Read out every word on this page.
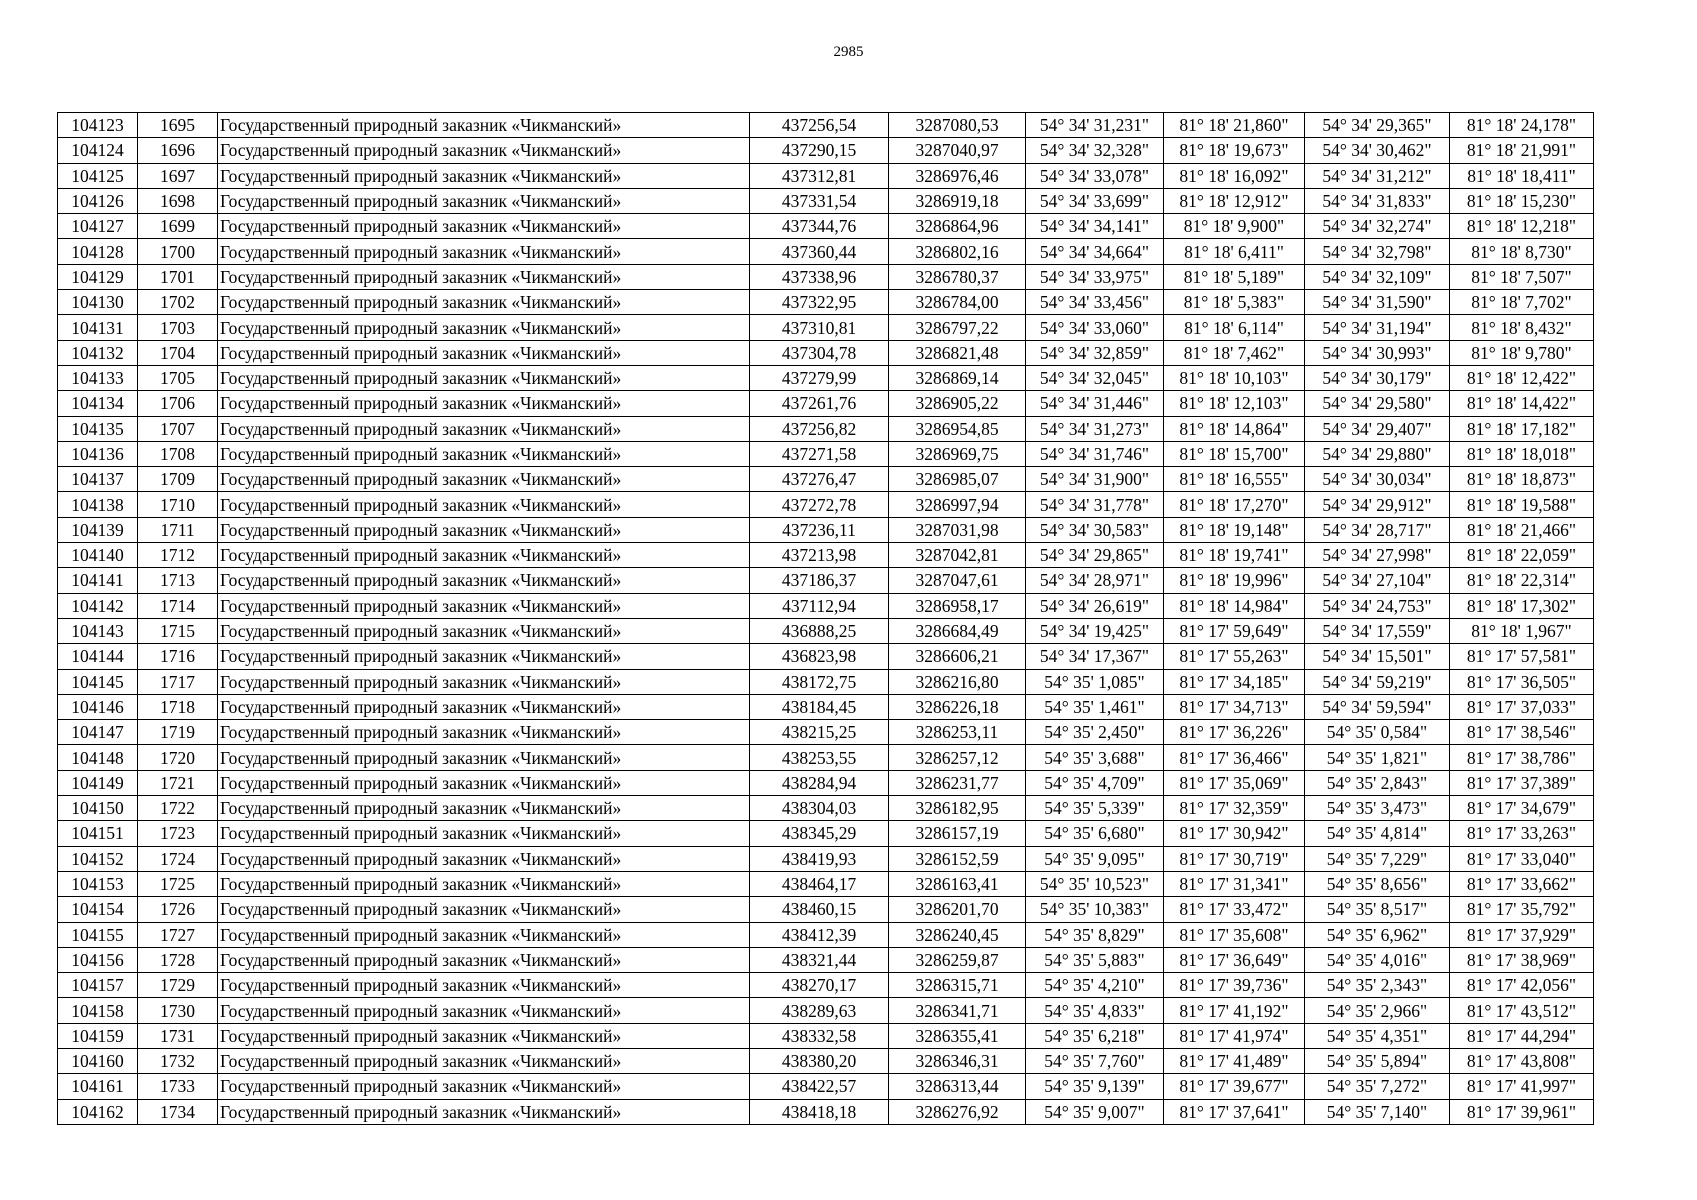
2985
104123	1695	Государственный природный заказник «Чикманский»	437256,54	3287080,53	54° 34' 31,231"	81° 18' 21,860"	54° 34' 29,365"	81° 18' 24,178"
104124	1696	Государственный природный заказник «Чикманский»	437290,15	3287040,97	54° 34' 32,328"	81° 18' 19,673"	54° 34' 30,462"	81° 18' 21,991"
104125	1697	Государственный природный заказник «Чикманский»	437312,81	3286976,46	54° 34' 33,078"	81° 18' 16,092"	54° 34' 31,212"	81° 18' 18,411"
104126	1698	Государственный природный заказник «Чикманский»	437331,54	3286919,18	54° 34' 33,699"	81° 18' 12,912"	54° 34' 31,833"	81° 18' 15,230"
104127	1699	Государственный природный заказник «Чикманский»	437344,76	3286864,96	54° 34' 34,141"	81° 18' 9,900"	54° 34' 32,274"	81° 18' 12,218"
104128	1700	Государственный природный заказник «Чикманский»	437360,44	3286802,16	54° 34' 34,664"	81° 18' 6,411"	54° 34' 32,798"	81° 18' 8,730"
104129	1701	Государственный природный заказник «Чикманский»	437338,96	3286780,37	54° 34' 33,975"	81° 18' 5,189"	54° 34' 32,109"	81° 18' 7,507"
104130	1702	Государственный природный заказник «Чикманский»	437322,95	3286784,00	54° 34' 33,456"	81° 18' 5,383"	54° 34' 31,590"	81° 18' 7,702"
104131	1703	Государственный природный заказник «Чикманский»	437310,81	3286797,22	54° 34' 33,060"	81° 18' 6,114"	54° 34' 31,194"	81° 18' 8,432"
104132	1704	Государственный природный заказник «Чикманский»	437304,78	3286821,48	54° 34' 32,859"	81° 18' 7,462"	54° 34' 30,993"	81° 18' 9,780"
104133	1705	Государственный природный заказник «Чикманский»	437279,99	3286869,14	54° 34' 32,045"	81° 18' 10,103"	54° 34' 30,179"	81° 18' 12,422"
104134	1706	Государственный природный заказник «Чикманский»	437261,76	3286905,22	54° 34' 31,446"	81° 18' 12,103"	54° 34' 29,580"	81° 18' 14,422"
104135	1707	Государственный природный заказник «Чикманский»	437256,82	3286954,85	54° 34' 31,273"	81° 18' 14,864"	54° 34' 29,407"	81° 18' 17,182"
104136	1708	Государственный природный заказник «Чикманский»	437271,58	3286969,75	54° 34' 31,746"	81° 18' 15,700"	54° 34' 29,880"	81° 18' 18,018"
104137	1709	Государственный природный заказник «Чикманский»	437276,47	3286985,07	54° 34' 31,900"	81° 18' 16,555"	54° 34' 30,034"	81° 18' 18,873"
104138	1710	Государственный природный заказник «Чикманский»	437272,78	3286997,94	54° 34' 31,778"	81° 18' 17,270"	54° 34' 29,912"	81° 18' 19,588"
104139	1711	Государственный природный заказник «Чикманский»	437236,11	3287031,98	54° 34' 30,583"	81° 18' 19,148"	54° 34' 28,717"	81° 18' 21,466"
104140	1712	Государственный природный заказник «Чикманский»	437213,98	3287042,81	54° 34' 29,865"	81° 18' 19,741"	54° 34' 27,998"	81° 18' 22,059"
104141	1713	Государственный природный заказник «Чикманский»	437186,37	3287047,61	54° 34' 28,971"	81° 18' 19,996"	54° 34' 27,104"	81° 18' 22,314"
104142	1714	Государственный природный заказник «Чикманский»	437112,94	3286958,17	54° 34' 26,619"	81° 18' 14,984"	54° 34' 24,753"	81° 18' 17,302"
104143	1715	Государственный природный заказник «Чикманский»	436888,25	3286684,49	54° 34' 19,425"	81° 17' 59,649"	54° 34' 17,559"	81° 18' 1,967"
104144	1716	Государственный природный заказник «Чикманский»	436823,98	3286606,21	54° 34' 17,367"	81° 17' 55,263"	54° 34' 15,501"	81° 17' 57,581"
104145	1717	Государственный природный заказник «Чикманский»	438172,75	3286216,80	54° 35' 1,085"	81° 17' 34,185"	54° 34' 59,219"	81° 17' 36,505"
104146	1718	Государственный природный заказник «Чикманский»	438184,45	3286226,18	54° 35' 1,461"	81° 17' 34,713"	54° 34' 59,594"	81° 17' 37,033"
104147	1719	Государственный природный заказник «Чикманский»	438215,25	3286253,11	54° 35' 2,450"	81° 17' 36,226"	54° 35' 0,584"	81° 17' 38,546"
104148	1720	Государственный природный заказник «Чикманский»	438253,55	3286257,12	54° 35' 3,688"	81° 17' 36,466"	54° 35' 1,821"	81° 17' 38,786"
104149	1721	Государственный природный заказник «Чикманский»	438284,94	3286231,77	54° 35' 4,709"	81° 17' 35,069"	54° 35' 2,843"	81° 17' 37,389"
104150	1722	Государственный природный заказник «Чикманский»	438304,03	3286182,95	54° 35' 5,339"	81° 17' 32,359"	54° 35' 3,473"	81° 17' 34,679"
104151	1723	Государственный природный заказник «Чикманский»	438345,29	3286157,19	54° 35' 6,680"	81° 17' 30,942"	54° 35' 4,814"	81° 17' 33,263"
104152	1724	Государственный природный заказник «Чикманский»	438419,93	3286152,59	54° 35' 9,095"	81° 17' 30,719"	54° 35' 7,229"	81° 17' 33,040"
104153	1725	Государственный природный заказник «Чикманский»	438464,17	3286163,41	54° 35' 10,523"	81° 17' 31,341"	54° 35' 8,656"	81° 17' 33,662"
104154	1726	Государственный природный заказник «Чикманский»	438460,15	3286201,70	54° 35' 10,383"	81° 17' 33,472"	54° 35' 8,517"	81° 17' 35,792"
104155	1727	Государственный природный заказник «Чикманский»	438412,39	3286240,45	54° 35' 8,829"	81° 17' 35,608"	54° 35' 6,962"	81° 17' 37,929"
104156	1728	Государственный природный заказник «Чикманский»	438321,44	3286259,87	54° 35' 5,883"	81° 17' 36,649"	54° 35' 4,016"	81° 17' 38,969"
104157	1729	Государственный природный заказник «Чикманский»	438270,17	3286315,71	54° 35' 4,210"	81° 17' 39,736"	54° 35' 2,343"	81° 17' 42,056"
104158	1730	Государственный природный заказник «Чикманский»	438289,63	3286341,71	54° 35' 4,833"	81° 17' 41,192"	54° 35' 2,966"	81° 17' 43,512"
104159	1731	Государственный природный заказник «Чикманский»	438332,58	3286355,41	54° 35' 6,218"	81° 17' 41,974"	54° 35' 4,351"	81° 17' 44,294"
104160	1732	Государственный природный заказник «Чикманский»	438380,20	3286346,31	54° 35' 7,760"	81° 17' 41,489"	54° 35' 5,894"	81° 17' 43,808"
104161	1733	Государственный природный заказник «Чикманский»	438422,57	3286313,44	54° 35' 9,139"	81° 17' 39,677"	54° 35' 7,272"	81° 17' 41,997"
104162	1734	Государственный природный заказник «Чикманский»	438418,18	3286276,92	54° 35' 9,007"	81° 17' 37,641"	54° 35' 7,140"	81° 17' 39,961"
